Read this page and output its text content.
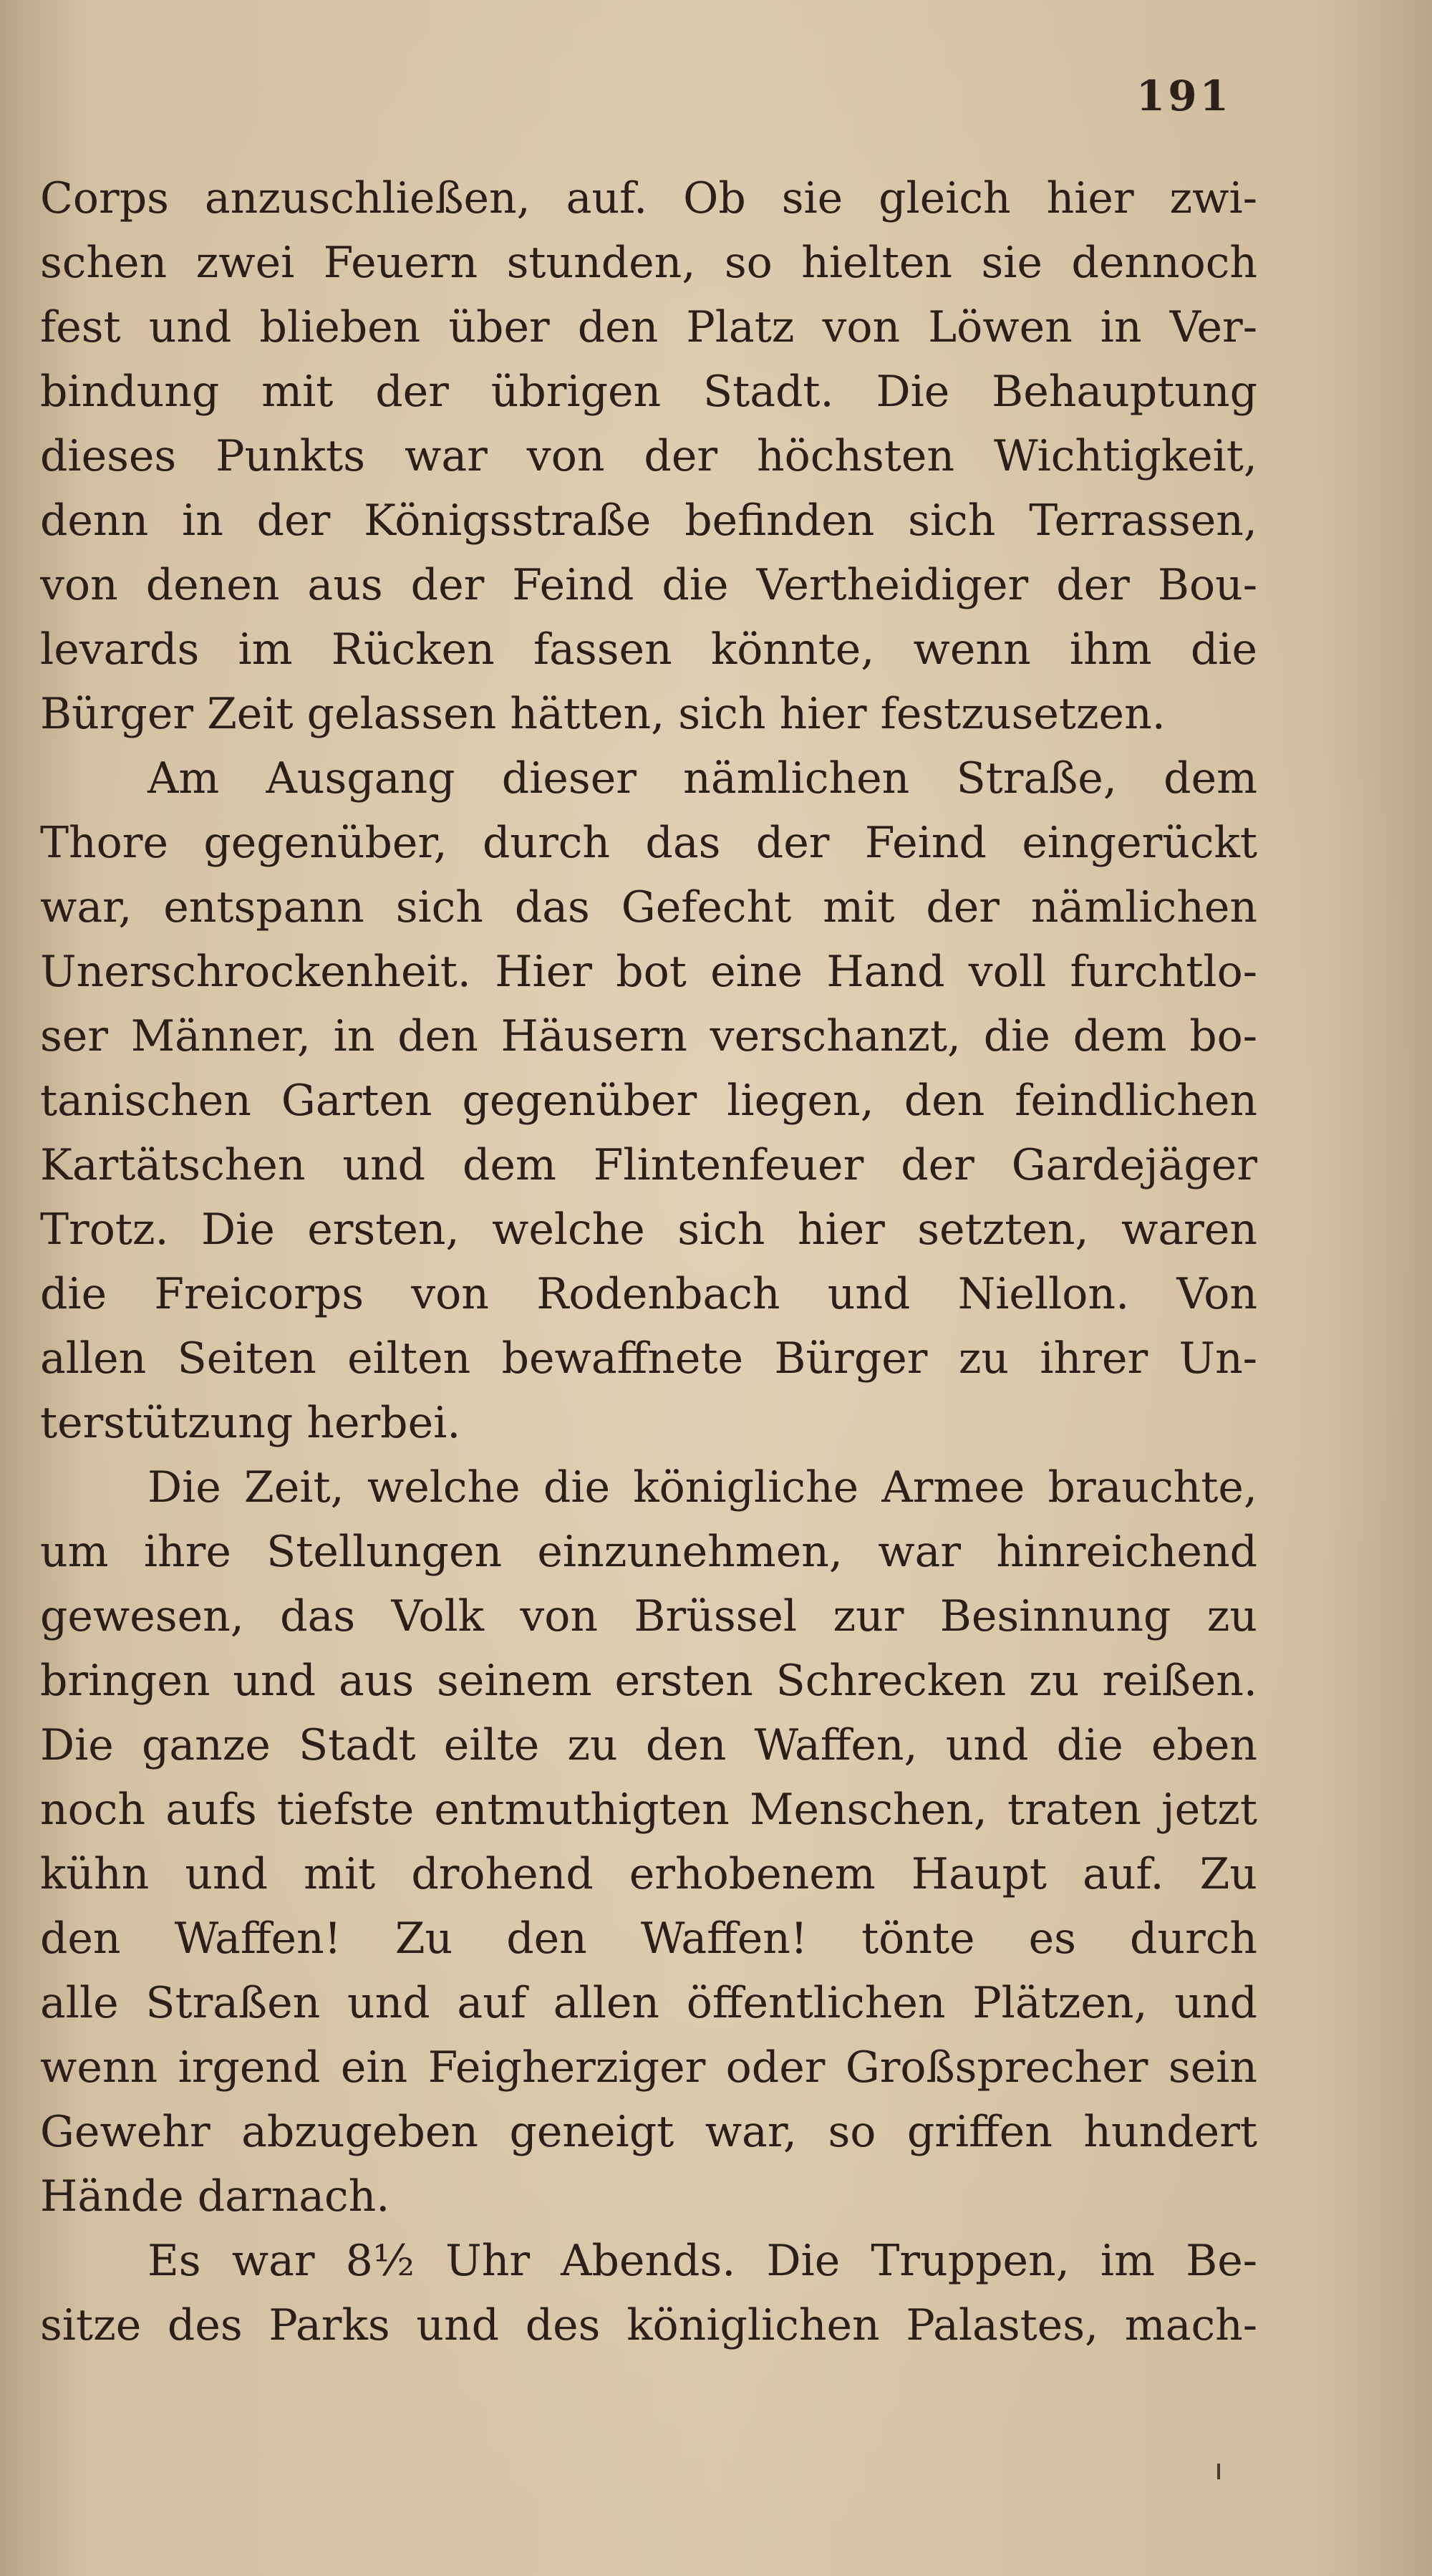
191
Corps anzuschließen, auf. Ob sie gleich hier zwi-
schen zwei Feuern stunden, so hielten sie dennoch
fest und blieben über den Platz von Löwen in Ver-
bindung mit der übrigen Stadt. Die Behauptung
dieses Punkts war von der höchsten Wichtigkeit,
denn in der Königsstraße befinden sich Terrassen,
von denen aus der Feind die Vertheidiger der Bou-
levards im Rücken fassen könnte, wenn ihm die
Bürger Zeit gelassen hätten, sich hier festzusetzen.
Am Ausgang dieser nämlichen Straße, dem
Thore gegenüber, durch das der Feind eingerückt
war, entspann sich das Gefecht mit der nämlichen
Unerschrockenheit. Hier bot eine Hand voll furchtlo-
ser Männer, in den Häusern verschanzt, die dem bo-
tanischen Garten gegenüber liegen, den feindlichen
Kartätschen und dem Flintenfeuer der Gardejäger
Trotz. Die ersten, welche sich hier setzten, waren
die Freicorps von Rodenbach und Niellon. Von
allen Seiten eilten bewaffnete Bürger zu ihrer Un-
terstützung herbei.
Die Zeit, welche die königliche Armee brauchte,
um ihre Stellungen einzunehmen, war hinreichend
gewesen, das Volk von Brüssel zur Besinnung zu
bringen und aus seinem ersten Schrecken zu reißen.
Die ganze Stadt eilte zu den Waffen, und die eben
noch aufs tiefste entmuthigten Menschen, traten jetzt
kühn und mit drohend erhobenem Haupt auf. Zu
den Waffen! Zu den Waffen! tönte es durch
alle Straßen und auf allen öffentlichen Plätzen, und
wenn irgend ein Feigherziger oder Großsprecher sein
Gewehr abzugeben geneigt war, so griffen hundert
Hände darnach.
Es war 8½ Uhr Abends. Die Truppen, im Be-
sitze des Parks und des königlichen Palastes, mach-
